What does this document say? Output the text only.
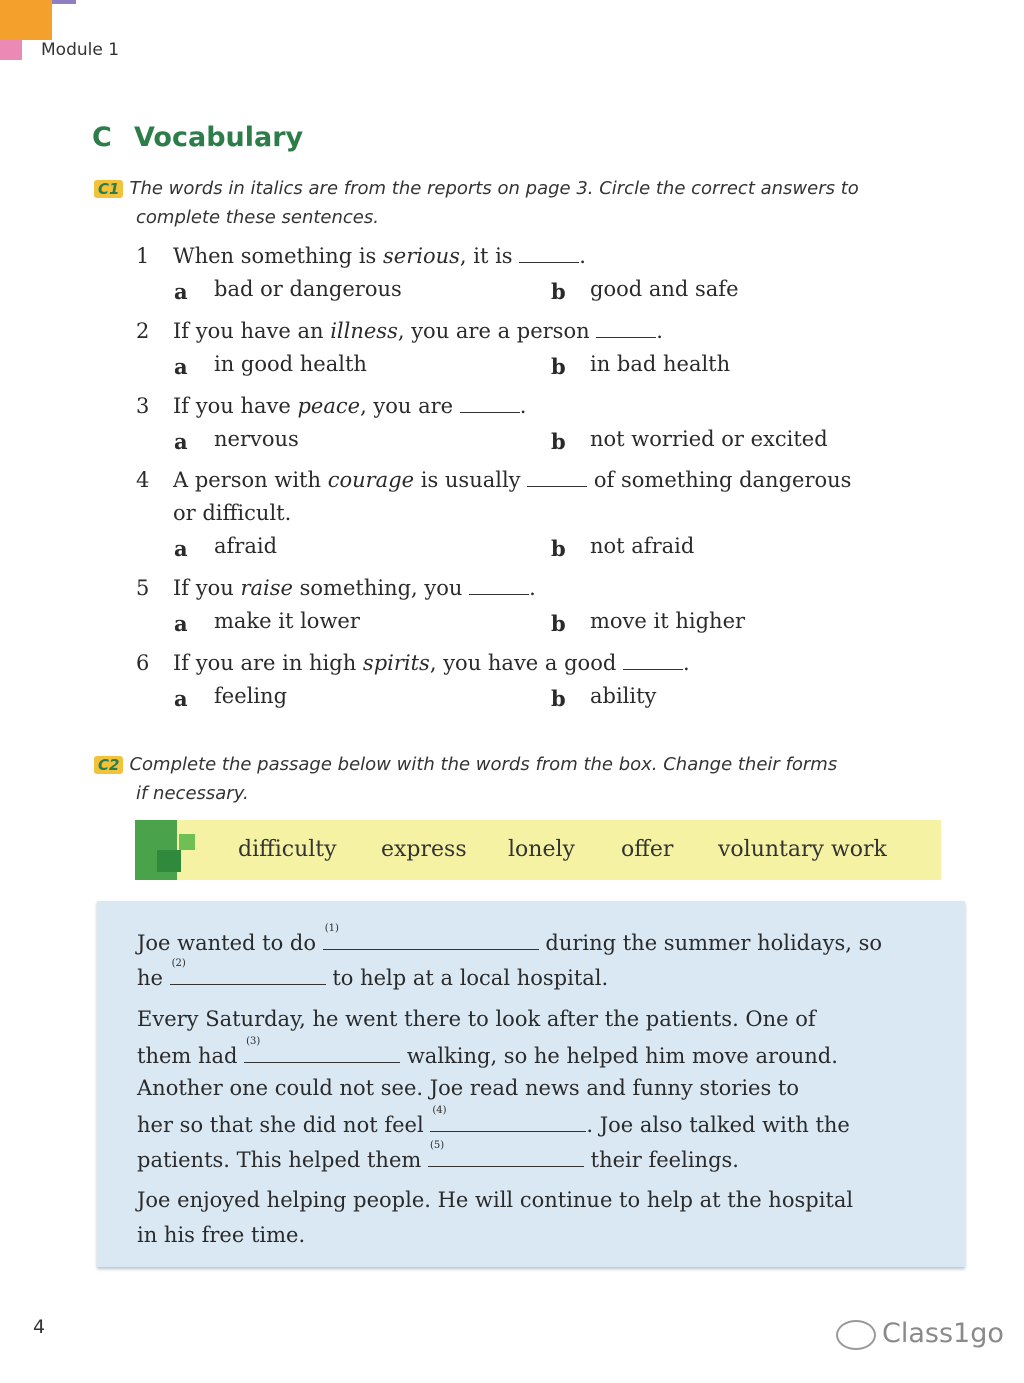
Module 1
C Vocabulary
C1 The words in italics are from the reports on page 3. Circle the correct answers to
complete these sentences.
1 When something is serious, it is	.
a bad or dangerous	b good and safe
2 If you have an illness, you are a person	.
a in good health	b in bad health
3 If you have peace, you are	.
a nervous	b not worried or excited
4 A person with courage is usually	of something dangerous
or difficult.
a afraid	b not afraid
5 If you raise something, you	.
a make it lower	b move it higher
6 If you are in high spirits, you have a good	.
a feeling	b ability
C2 Complete the passage below with the words from the box. Change their forms
if necessary.
difficulty express lonely offer voluntary work
Joe wanted to do
(1)
during the summer holidays, so
he
(2)
to help at a local hospital.
Every Saturday, he went there to look after the patients. One of
them had
(3)
walking, so he helped him move around.
Another one could not see. Joe read news and funny stories to
her so that she did not feel
(4)
. Joe also talked with the
patients. This helped them
(5)
their feelings.
Joe enjoyed helping people. He will continue to help at the hospital
in his free time.
4	Class1go
